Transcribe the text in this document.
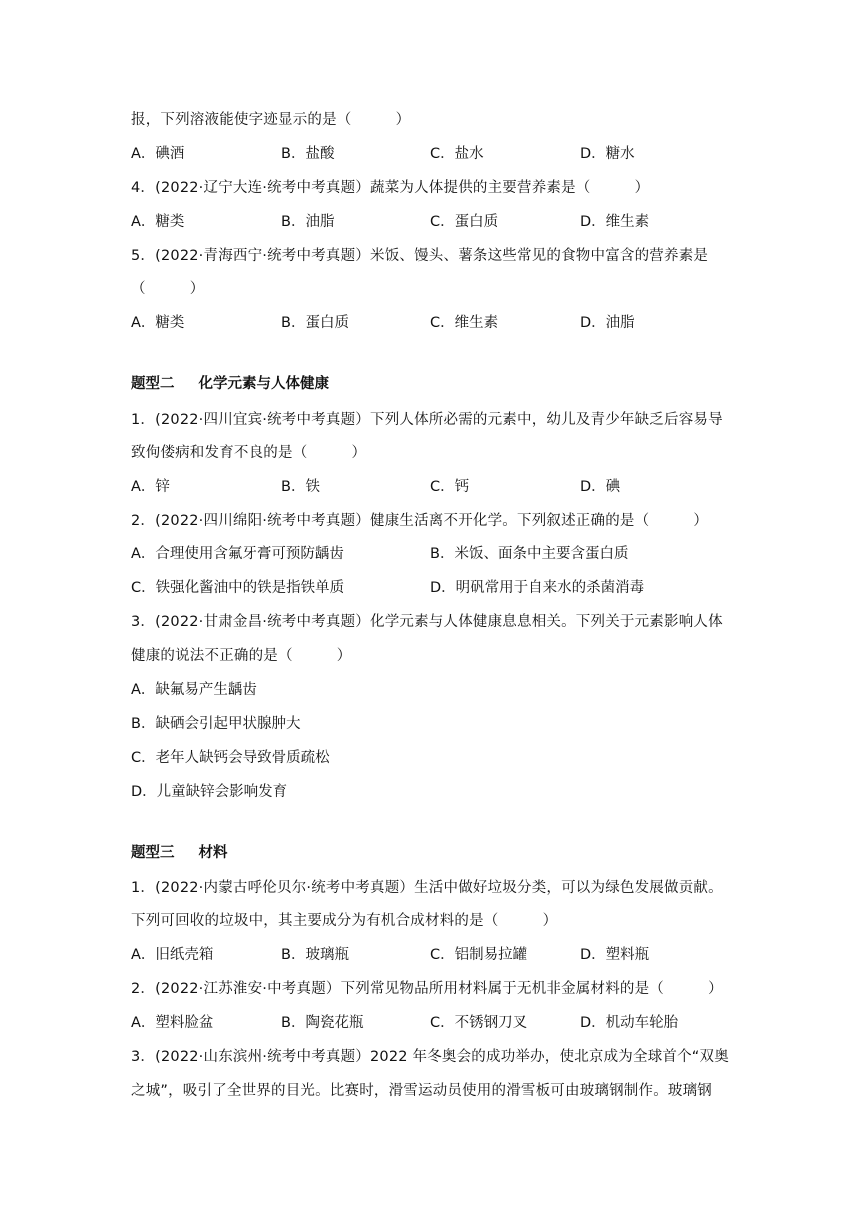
报，下列溶液能使字迹显示的是（　　　）
A．碘酒	B．盐酸	C．盐水	D．糖水
4．(2022·辽宁大连·统考中考真题）蔬菜为人体提供的主要营养素是（　　　）
A．糖类	B．油脂	C．蛋白质	D．维生素
5．(2022·青海西宁·统考中考真题）米饭、馒头、薯条这些常见的食物中富含的营养素是
（　　　）
A．糖类	B．蛋白质	C．维生素	D．油脂
题型二 化学元素与人体健康
1．(2022·四川宜宾·统考中考真题）下列人体所必需的元素中，幼儿及青少年缺乏后容易导
致佝偻病和发育不良的是（　　　）
A．锌	B．铁	C．钙	D．碘
2．(2022·四川绵阳·统考中考真题）健康生活离不开化学。下列叙述正确的是（　　　）
A．合理使用含氟牙膏可预防龋齿	B．米饭、面条中主要含蛋白质
C．铁强化酱油中的铁是指铁单质	D．明矾常用于自来水的杀菌消毒
3．(2022·甘肃金昌·统考中考真题）化学元素与人体健康息息相关。下列关于元素影响人体
健康的说法不正确的是（　　　）
A．缺氟易产生龋齿
B．缺硒会引起甲状腺肿大
C．老年人缺钙会导致骨质疏松
D．儿童缺锌会影响发育
题型三 材料
1．(2022·内蒙古呼伦贝尔·统考中考真题）生活中做好垃圾分类，可以为绿色发展做贡献。
下列可回收的垃圾中，其主要成分为有机合成材料的是（　　　）
A．旧纸壳箱	B．玻璃瓶	C．铝制易拉罐	D．塑料瓶
2．(2022·江苏淮安·中考真题）下列常见物品所用材料属于无机非金属材料的是（　　　）
A．塑料脸盆	B．陶瓷花瓶	C．不锈钢刀叉	D．机动车轮胎
3．(2022·山东滨州·统考中考真题）2022 年冬奥会的成功举办，使北京成为全球首个“双奥
之城”，吸引了全世界的目光。比赛时，滑雪运动员使用的滑雪板可由玻璃钢制作。玻璃钢
